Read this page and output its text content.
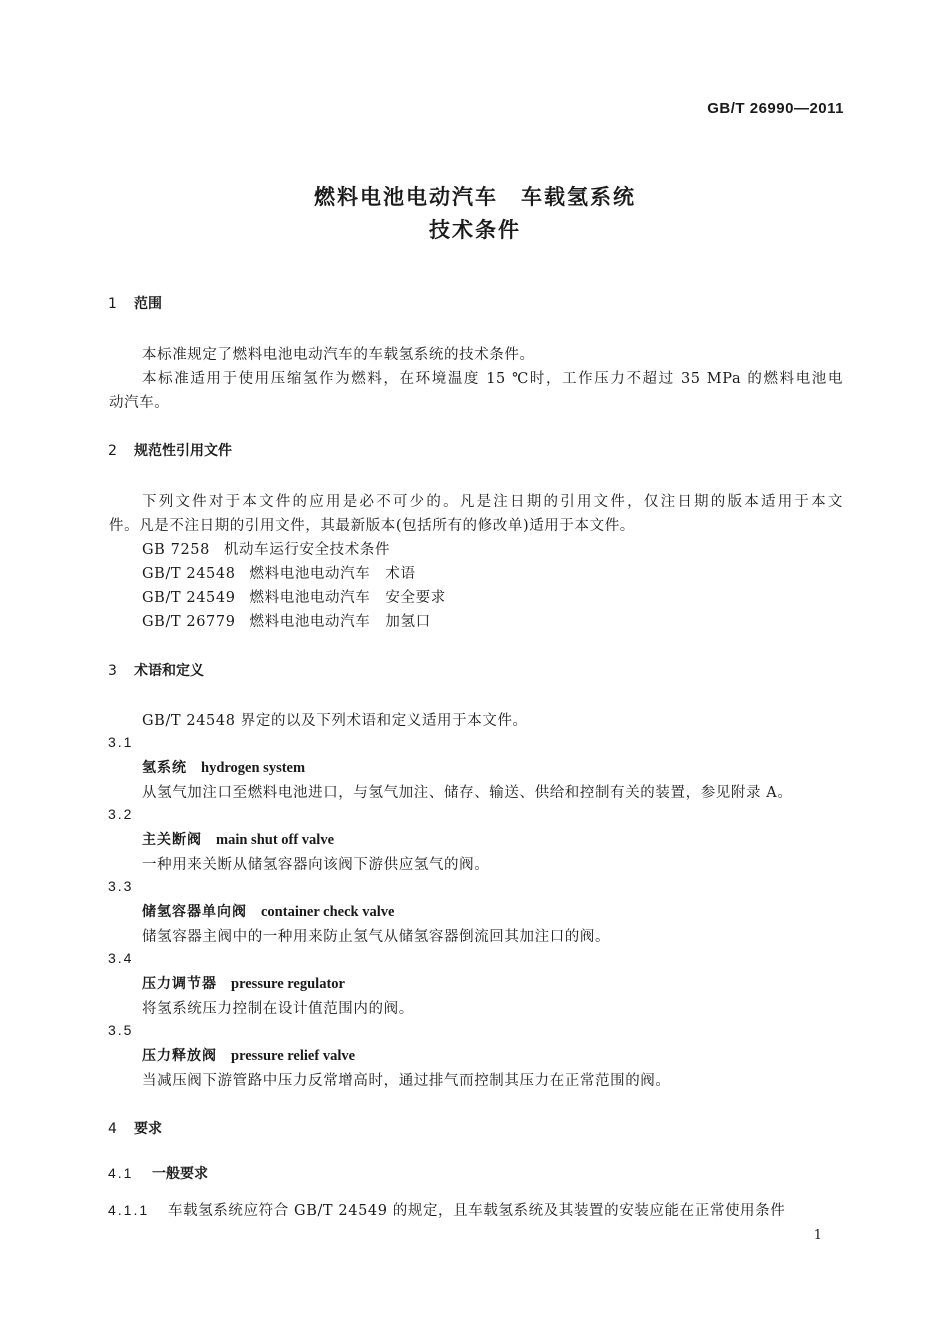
GB/T 26990—2011
燃料电池电动汽车　车载氢系统
技术条件
1 范围
本标准规定了燃料电池电动汽车的车载氢系统的技术条件。
本标准适用于使用压缩氢作为燃料，在环境温度 15 ℃时，工作压力不超过 35 MPa 的燃料电池电
动汽车。
2 规范性引用文件
下列文件对于本文件的应用是必不可少的。凡是注日期的引用文件，仅注日期的版本适用于本文
件。凡是不注日期的引用文件，其最新版本(包括所有的修改单)适用于本文件。
GB 7258 机动车运行安全技术条件
GB/T 24548 燃料电池电动汽车　术语
GB/T 24549 燃料电池电动汽车　安全要求
GB/T 26779 燃料电池电动汽车　加氢口
3 术语和定义
GB/T 24548 界定的以及下列术语和定义适用于本文件。
3.1
氢系统 hydrogen system
从氢气加注口至燃料电池进口，与氢气加注、储存、输送、供给和控制有关的装置，参见附录 A。
3.2
主关断阀 main shut off valve
一种用来关断从储氢容器向该阀下游供应氢气的阀。
3.3
储氢容器单向阀 container check valve
储氢容器主阀中的一种用来防止氢气从储氢容器倒流回其加注口的阀。
3.4
压力调节器 pressure regulator
将氢系统压力控制在设计值范围内的阀。
3.5
压力释放阀 pressure relief valve
当减压阀下游管路中压力反常增高时，通过排气而控制其压力在正常范围的阀。
4 要求
4.1 一般要求
4.1.1 车载氢系统应符合 GB/T 24549 的规定，且车载氢系统及其装置的安装应能在正常使用条件
1
